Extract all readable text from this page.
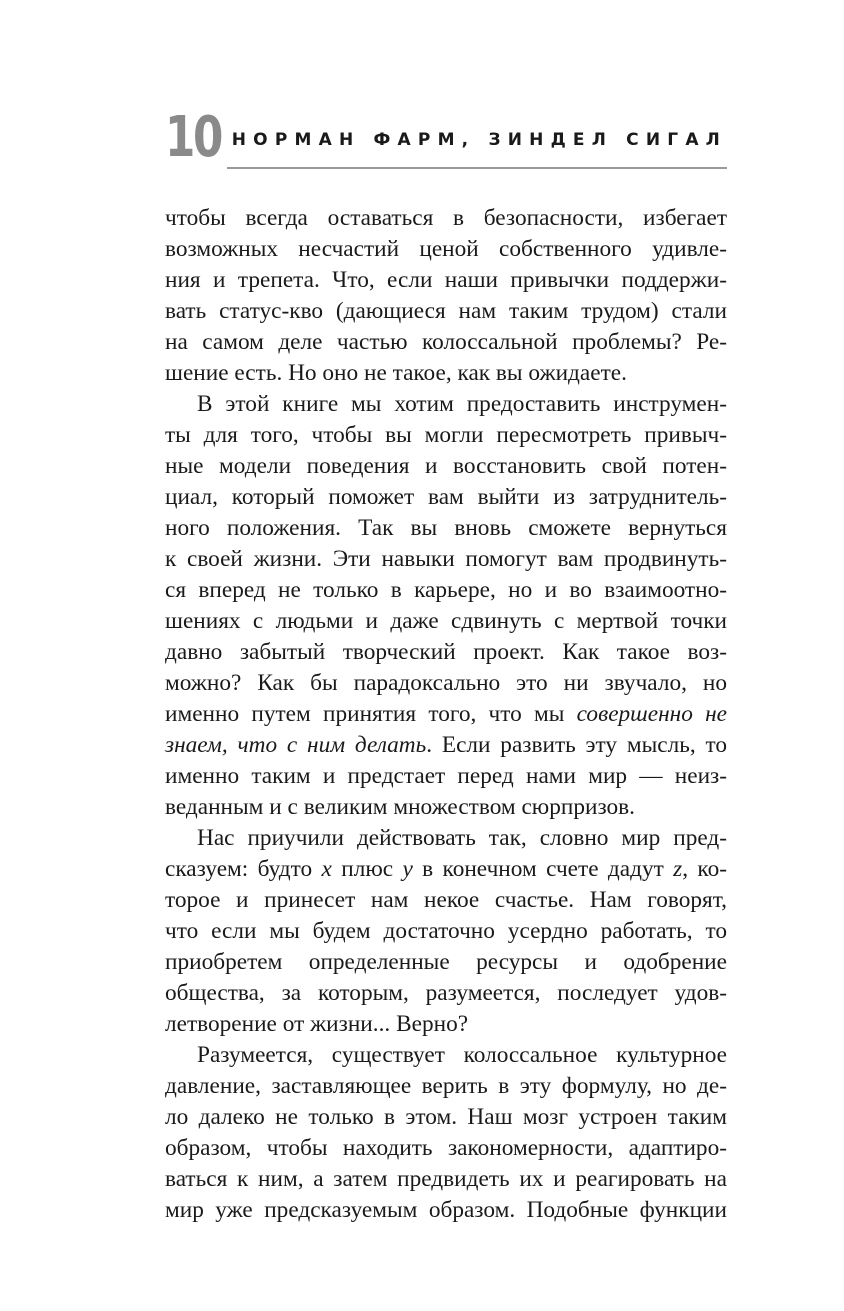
10 НОРМАН ФАРМ, ЗИНДЕЛ СИГАЛ
чтобы всегда оставаться в безопасности, избегает
возможных несчастий ценой собственного удивле-
ния и трепета. Что, если наши привычки поддержи-
вать статус-кво (дающиеся нам таким трудом) стали
на самом деле частью колоссальной проблемы? Ре-
шение есть. Но оно не такое, как вы ожидаете.
В этой книге мы хотим предоставить инструмен-
ты для того, чтобы вы могли пересмотреть привыч-
ные модели поведения и восстановить свой потен-
циал, который поможет вам выйти из затруднитель-
ного положения. Так вы вновь сможете вернуться
к своей жизни. Эти навыки помогут вам продвинуть-
ся вперед не только в карьере, но и во взаимоотно-
шениях с людьми и даже сдвинуть с мертвой точки
давно забытый творческий проект. Как такое воз-
можно? Как бы парадоксально это ни звучало, но
именно путем принятия того, что мы совершенно не
знаем, что с ним делать. Если развить эту мысль, то
именно таким и предстает перед нами мир — неиз-
веданным и с великим множеством сюрпризов.
Нас приучили действовать так, словно мир пред-
сказуем: будто x плюс y в конечном счете дадут z, ко-
торое и принесет нам некое счастье. Нам говорят,
что если мы будем достаточно усердно работать, то
приобретем определенные ресурсы и одобрение
общества, за которым, разумеется, последует удов-
летворение от жизни... Верно?
Разумеется, существует колоссальное культурное
давление, заставляющее верить в эту формулу, но де-
ло далеко не только в этом. Наш мозг устроен таким
образом, чтобы находить закономерности, адаптиро-
ваться к ним, а затем предвидеть их и реагировать на
мир уже предсказуемым образом. Подобные функции
